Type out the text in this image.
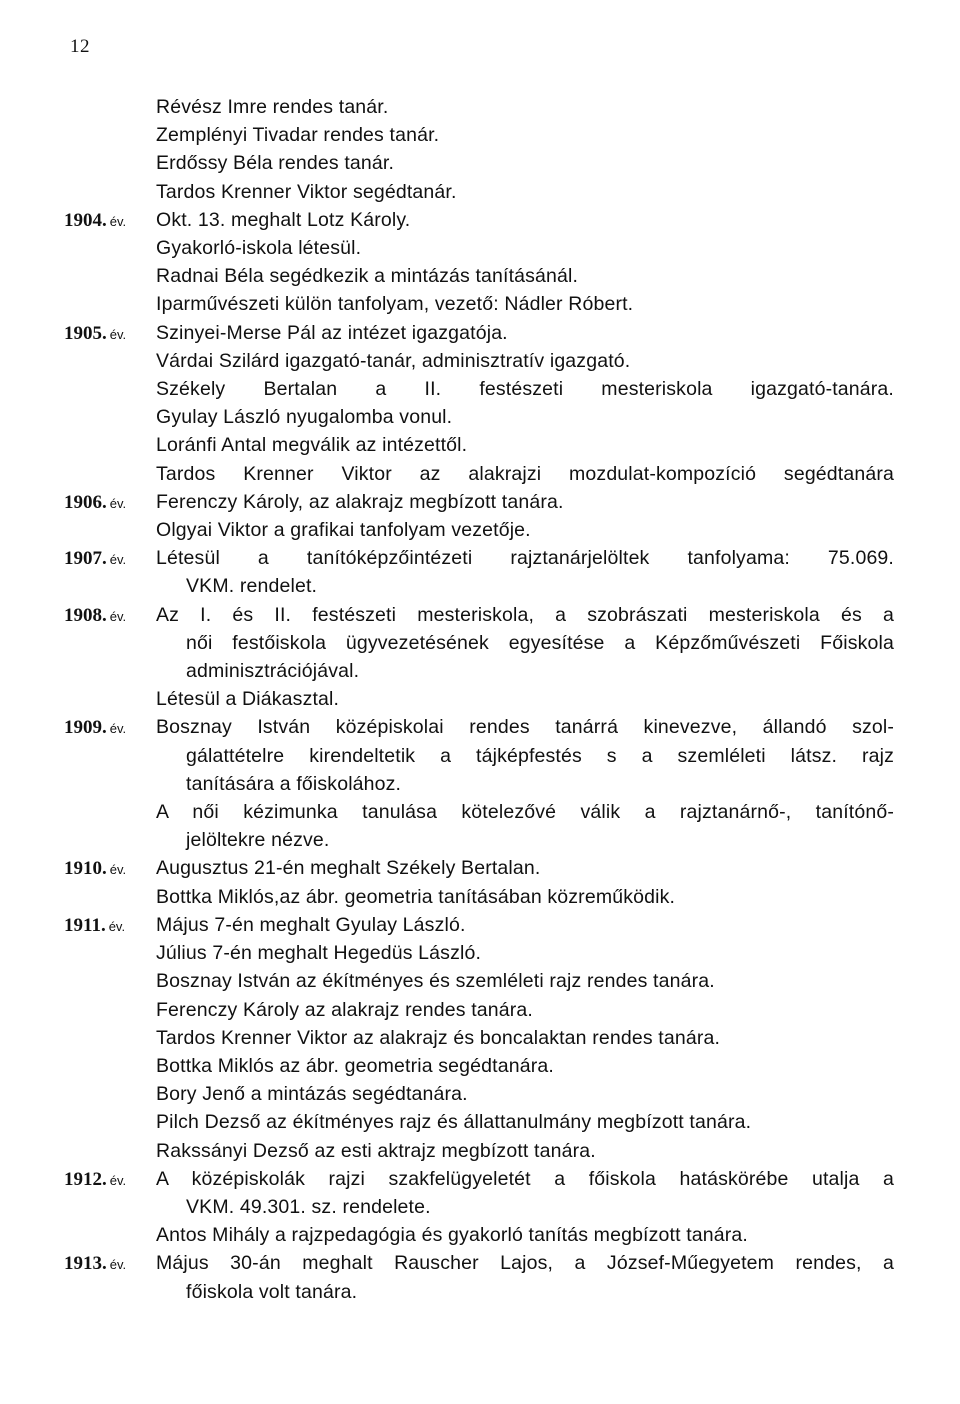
12
Révész Imre rendes tanár.
Zemplényi Tivadar rendes tanár.
Erdőssy Béla rendes tanár.
Tardos Krenner Viktor segédtanár.
1904. év.	Okt. 13. meghalt Lotz Károly.
Gyakorló-iskola létesül.
Radnai Béla segédkezik a mintázás tanításánál.
Iparművészeti külön tanfolyam, vezető: Nádler Róbert.
1905. év.	Szinyei-Merse Pál az intézet igazgatója.
Várdai Szilárd igazgató-tanár, adminisztratív igazgató.
Székely Bertalan a II. festészeti mesteriskola igazgató-tanára.
Gyulay László nyugalomba vonul.
Loránfi Antal megválik az intézettől.
Tardos Krenner Viktor az alakrajzi mozdulat-kompozíció segédtanára
1906. év.	Ferenczy Károly, az alakrajz megbízott tanára.
Olgyai Viktor a grafikai tanfolyam vezetője.
1907. év.	Létesül a tanítóképzőintézeti rajztanárjelöltek tanfolyama: 75.069.
VKM. rendelet.
1908. év.	Az I. és II. festészeti mesteriskola, a szobrászati mesteriskola és a
női festőiskola ügyvezetésének egyesítése a Képzőművészeti Főiskola
adminisztrációjával.
Létesül a Diákasztal.
1909. év.	Bosznay István középiskolai rendes tanárrá kinevezve, állandó szol-
gálattételre kirendeltetik a tájképfestés s a szemléleti látsz. rajz
tanítására a főiskolához.
A női kézimunka tanulása kötelezővé válik a rajztanárnő-, tanítónő-
jelöltekre nézve.
1910. év.	Augusztus 21-én meghalt Székely Bertalan.
Bottka Miklós,az ábr. geometria tanításában közreműködik.
1911. év.	Május 7-én meghalt Gyulay László.
Július 7-én meghalt Hegedüs László.
Bosznay István az ékítményes és szemléleti rajz rendes tanára.
Ferenczy Károly az alakrajz rendes tanára.
Tardos Krenner Viktor az alakrajz és boncalaktan rendes tanára.
Bottka Miklós az ábr. geometria segédtanára.
Bory Jenő a mintázás segédtanára.
Pilch Dezső az ékítményes rajz és állattanulmány megbízott tanára.
Rakssányi Dezső az esti aktrajz megbízott tanára.
1912. év.	A középiskolák rajzi szakfelügyeletét a főiskola hatáskörébe utalja a
VKM. 49.301. sz. rendelete.
Antos Mihály a rajzpedagógia és gyakorló tanítás megbízott tanára.
1913. év.	Május 30-án meghalt Rauscher Lajos, a József-Műegyetem rendes, a
főiskola volt tanára.
